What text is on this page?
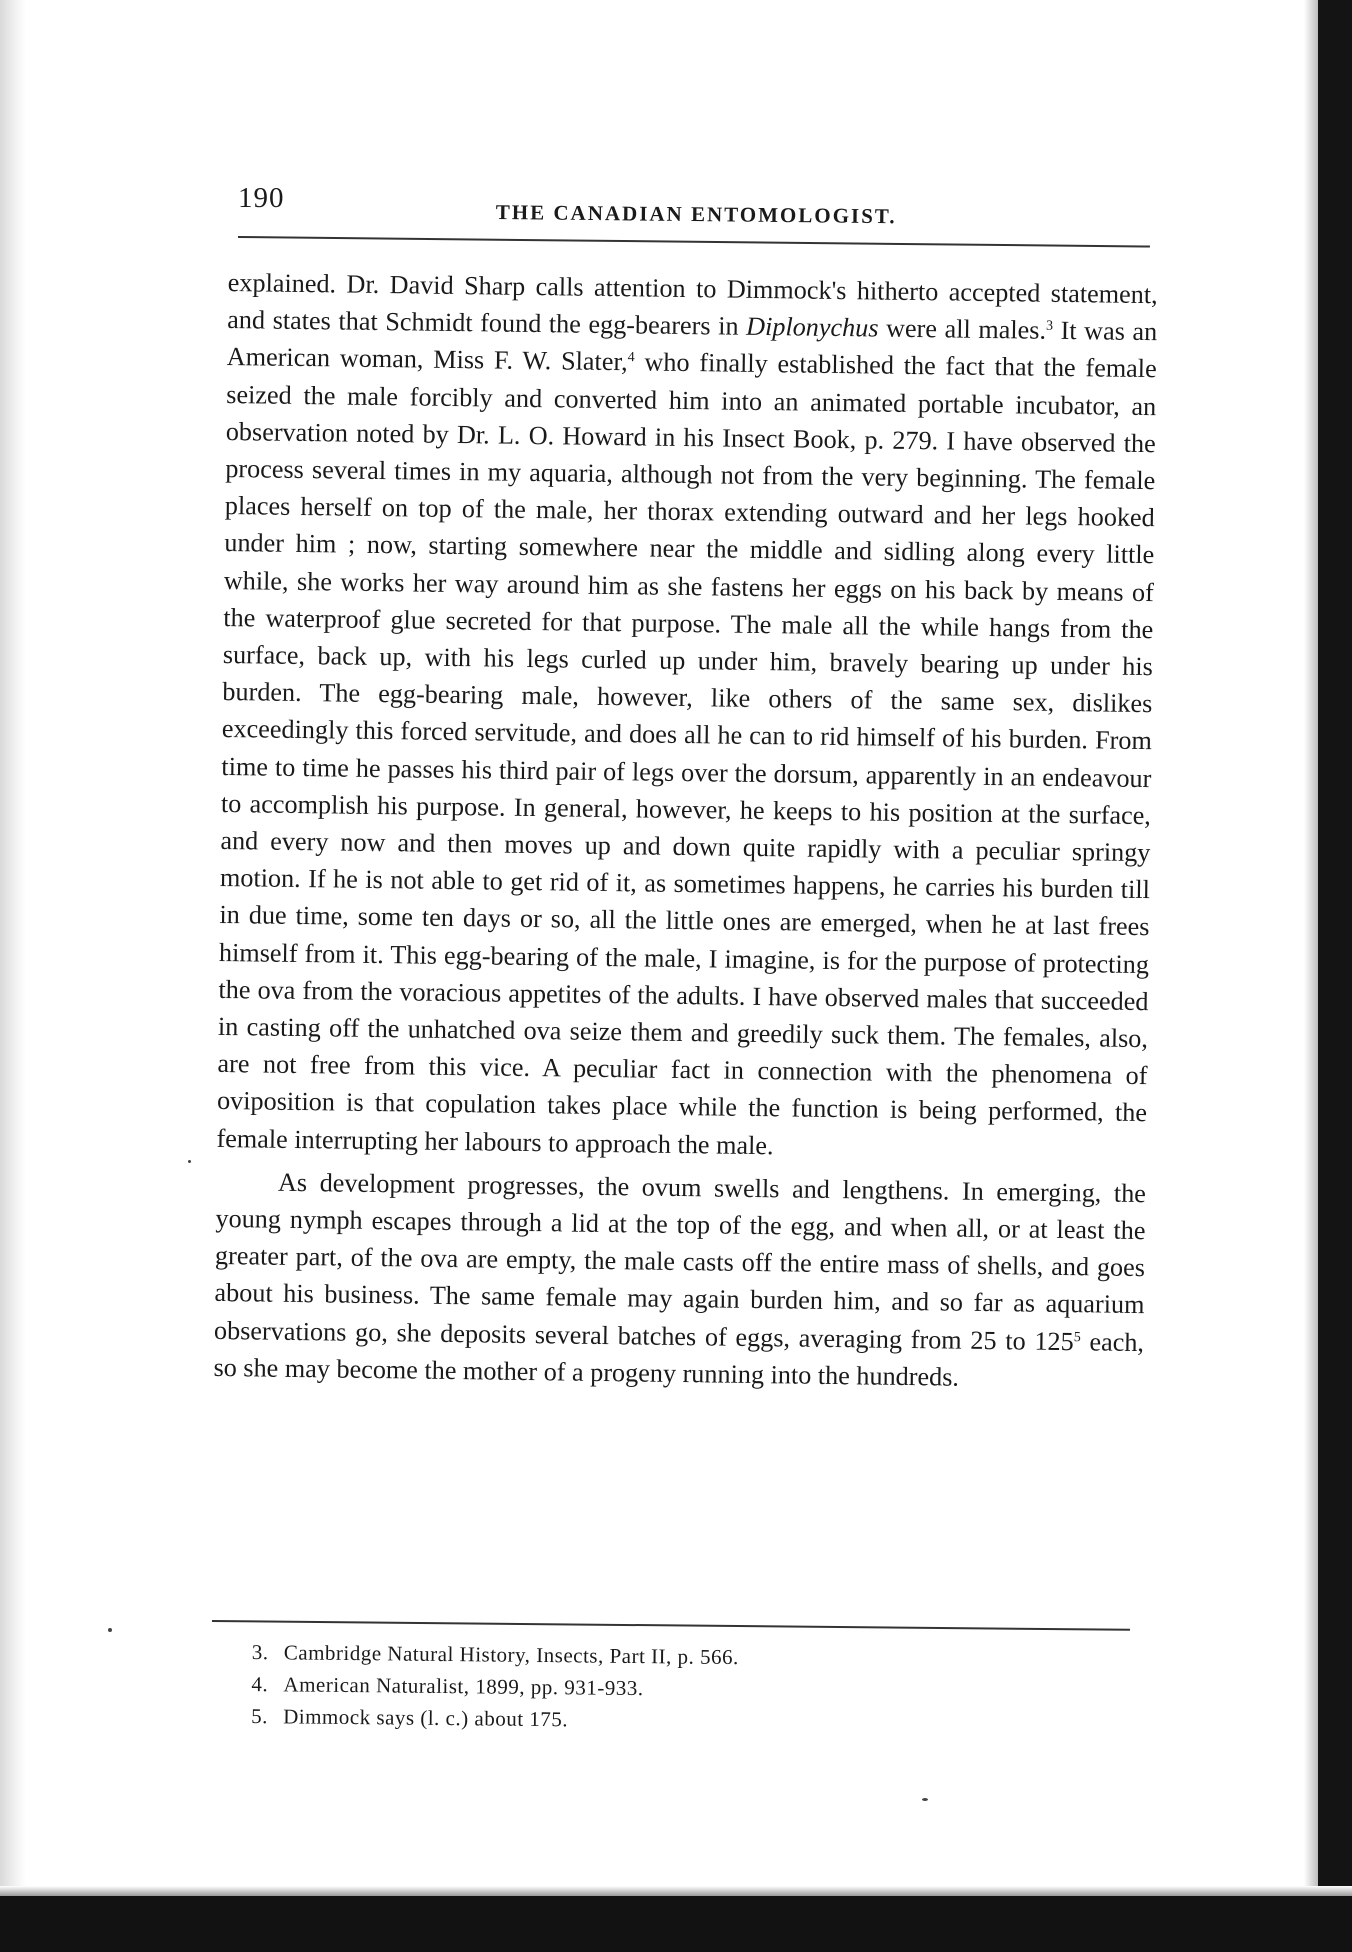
190
THE CANADIAN ENTOMOLOGIST.

explained. Dr. David Sharp calls attention to Dimmock's hitherto accepted statement, and states that Schmidt found the egg-bearers in Diplonychus were all males.$^3$ It was an American woman, Miss F. W. Slater,$^4$ who finally established the fact that the female seized the male forcibly and converted him into an animated portable incubator, an observation noted by Dr. L. O. Howard in his Insect Book, p. 279. I have observed the process several times in my aquaria, although not from the very beginning. The female places herself on top of the male, her thorax extending outward and her legs hooked under him ; now, starting somewhere near the middle and sidling along every little while, she works her way around him as she fastens her eggs on his back by means of the waterproof glue secreted for that purpose. The male all the while hangs from the surface, back up, with his legs curled up under him, bravely bearing up under his burden. The egg-bearing male, however, like others of the same sex, dislikes exceedingly this forced servitude, and does all he can to rid himself of his burden. From time to time he passes his third pair of legs over the dorsum, apparently in an endeavour to accomplish his purpose. In general, however, he keeps to his position at the surface, and every now and then moves up and down quite rapidly with a peculiar springy motion. If he is not able to get rid of it, as sometimes happens, he carries his burden till in due time, some ten days or so, all the little ones are emerged, when he at last frees himself from it. This egg-bearing of the male, I imagine, is for the purpose of protecting the ova from the voracious appetites of the adults. I have observed males that succeeded in casting off the unhatched ova seize them and greedily suck them. The females, also, are not free from this vice. A peculiar fact in connection with the phenomena of oviposition is that copulation takes place while the function is being performed, the female interrupting her labours to approach the male.

As development progresses, the ovum swells and lengthens. In emerging, the young nymph escapes through a lid at the top of the egg, and when all, or at least the greater part, of the ova are empty, the male casts off the entire mass of shells, and goes about his business. The same female may again burden him, and so far as aquarium observations go, she deposits several batches of eggs, averaging from 25 to $125^5$ each, so she may become the mother of a progeny running into the hundreds.

3. Cambridge Natural History, Insects, Part II, p. 566.
4. American Naturalist, 1899, pp. 931-933.
5. Dimmock says (l. c.) about 175.
